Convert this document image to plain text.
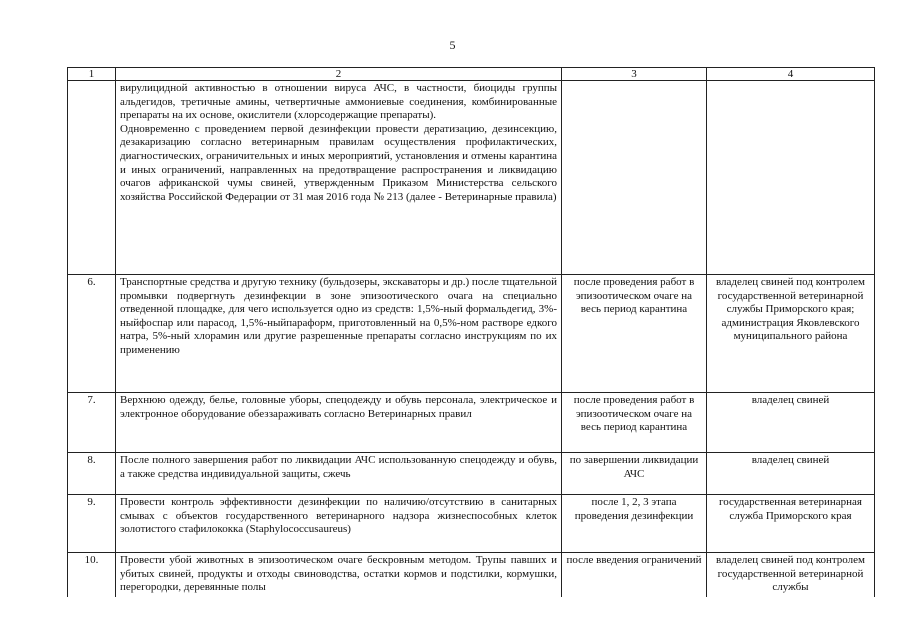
5
1	2	3	4

	вирулицидной активностью в отношении вируса АЧС, в частности, биоциды группы альдегидов, третичные амины, четвертичные аммониевые соединения, комбинированные препараты на их основе, окислители (хлорсодержащие препараты).

Одновременно с проведением первой дезинфекции провести дератизацию, дезинсекцию, дезакаризацию согласно ветеринарным правилам осуществления профилактических, диагностических, ограничительных и иных мероприятий, установления и отмены карантина и иных ограничений, направленных на предотвращение распространения и ликвидацию очагов африканской чумы свиней, утвержденным Приказом Министерства сельского хозяйства Российской Федерации от 31 мая 2016 года № 213 (далее - Ветеринарные правила)		

6.	Транспортные средства и другую технику (бульдозеры, экскаваторы и др.) после тщательной промывки подвергнуть дезинфекции в зоне эпизоотического очага на специально отведенной площадке, для чего используется одно из средств: 1,5%-ный формальдегид, 3%-ныйфоспар или парасод, 1,5%-ныйпараформ, приготовленный на 0,5%-ном растворе едкого натра, 5%-ный хлорамин или другие разрешенные препараты согласно инструкциям по их применению	после проведения работ в эпизоотическом очаге на весь период карантина	владелец свиней под контролем государственной ветеринарной службы Приморского края; администрация Яковлевского муниципального района
7.	Верхнюю одежду, белье, головные уборы, спецодежду и обувь персонала, электрическое и электронное оборудование обеззараживать согласно Ветеринарных правил	после проведения работ в эпизоотическом очаге на весь период карантина	владелец свиней
8.	После полного завершения работ по ликвидации АЧС использованную спецодежду и обувь, а также средства индивидуальной защиты, сжечь	по завершении ликвидации АЧС	владелец свиней
9.	Провести контроль эффективности дезинфекции по наличию/отсутствию в санитарных смывах с объектов государственного ветеринарного надзора жизнеспособных клеток золотистого стафилококка (Staphylococcusaureus)	после 1, 2, 3 этапа проведения дезинфекции	государственная ветеринарная служба Приморского края
10.	Провести убой животных в эпизоотическом очаге бескровным методом. Трупы павших и убитых свиней, продукты и отходы свиноводства, остатки кормов и подстилки, кормушки, перегородки, деревянные полы	после введения ограничений	владелец свиней под контролем государственной ветеринарной службы
